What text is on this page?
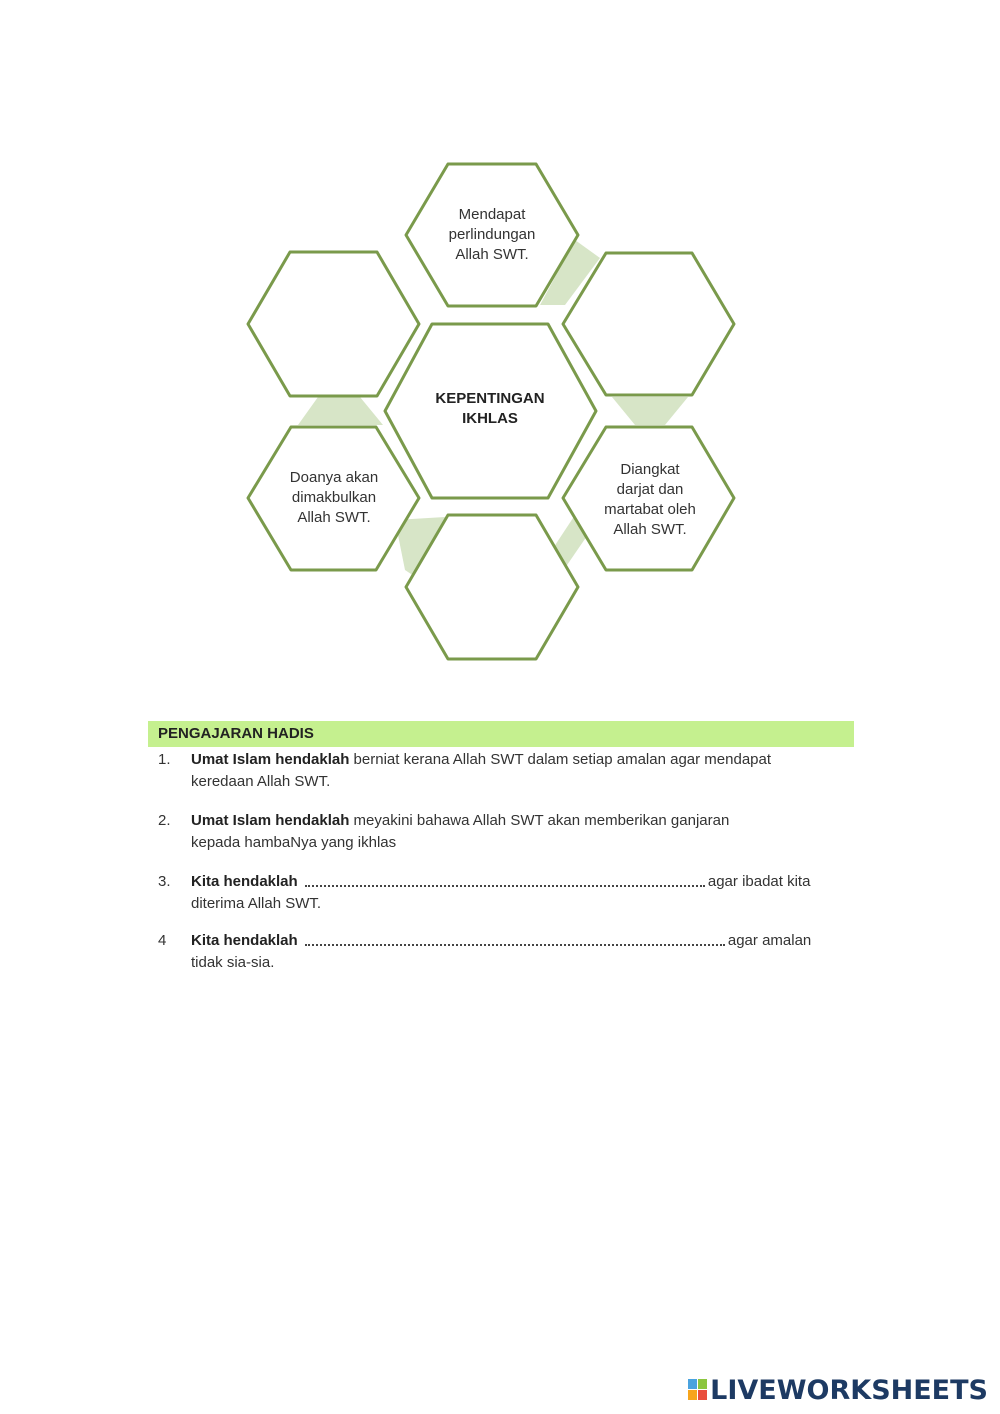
Mendapat
perlindungan
Allah SWT.
KEPENTINGAN
IKHLAS
Diangkat
darjat dan
martabat oleh
Allah SWT.
Doanya akan
dimakbulkan
Allah SWT.
PENGAJARAN HADIS
1. Umat Islam hendaklah berniat kerana Allah SWT dalam setiap amalan agar mendapat
keredaan Allah SWT.
2. Umat Islam hendaklah meyakini bahawa Allah SWT akan memberikan ganjaran
kepada hambaNya yang ikhlas
3. Kita hendaklah	agar ibadat kita
diterima Allah SWT.
4 Kita hendaklah	agar amalan
tidak sia-sia.
LIVEWORKSHEETS
